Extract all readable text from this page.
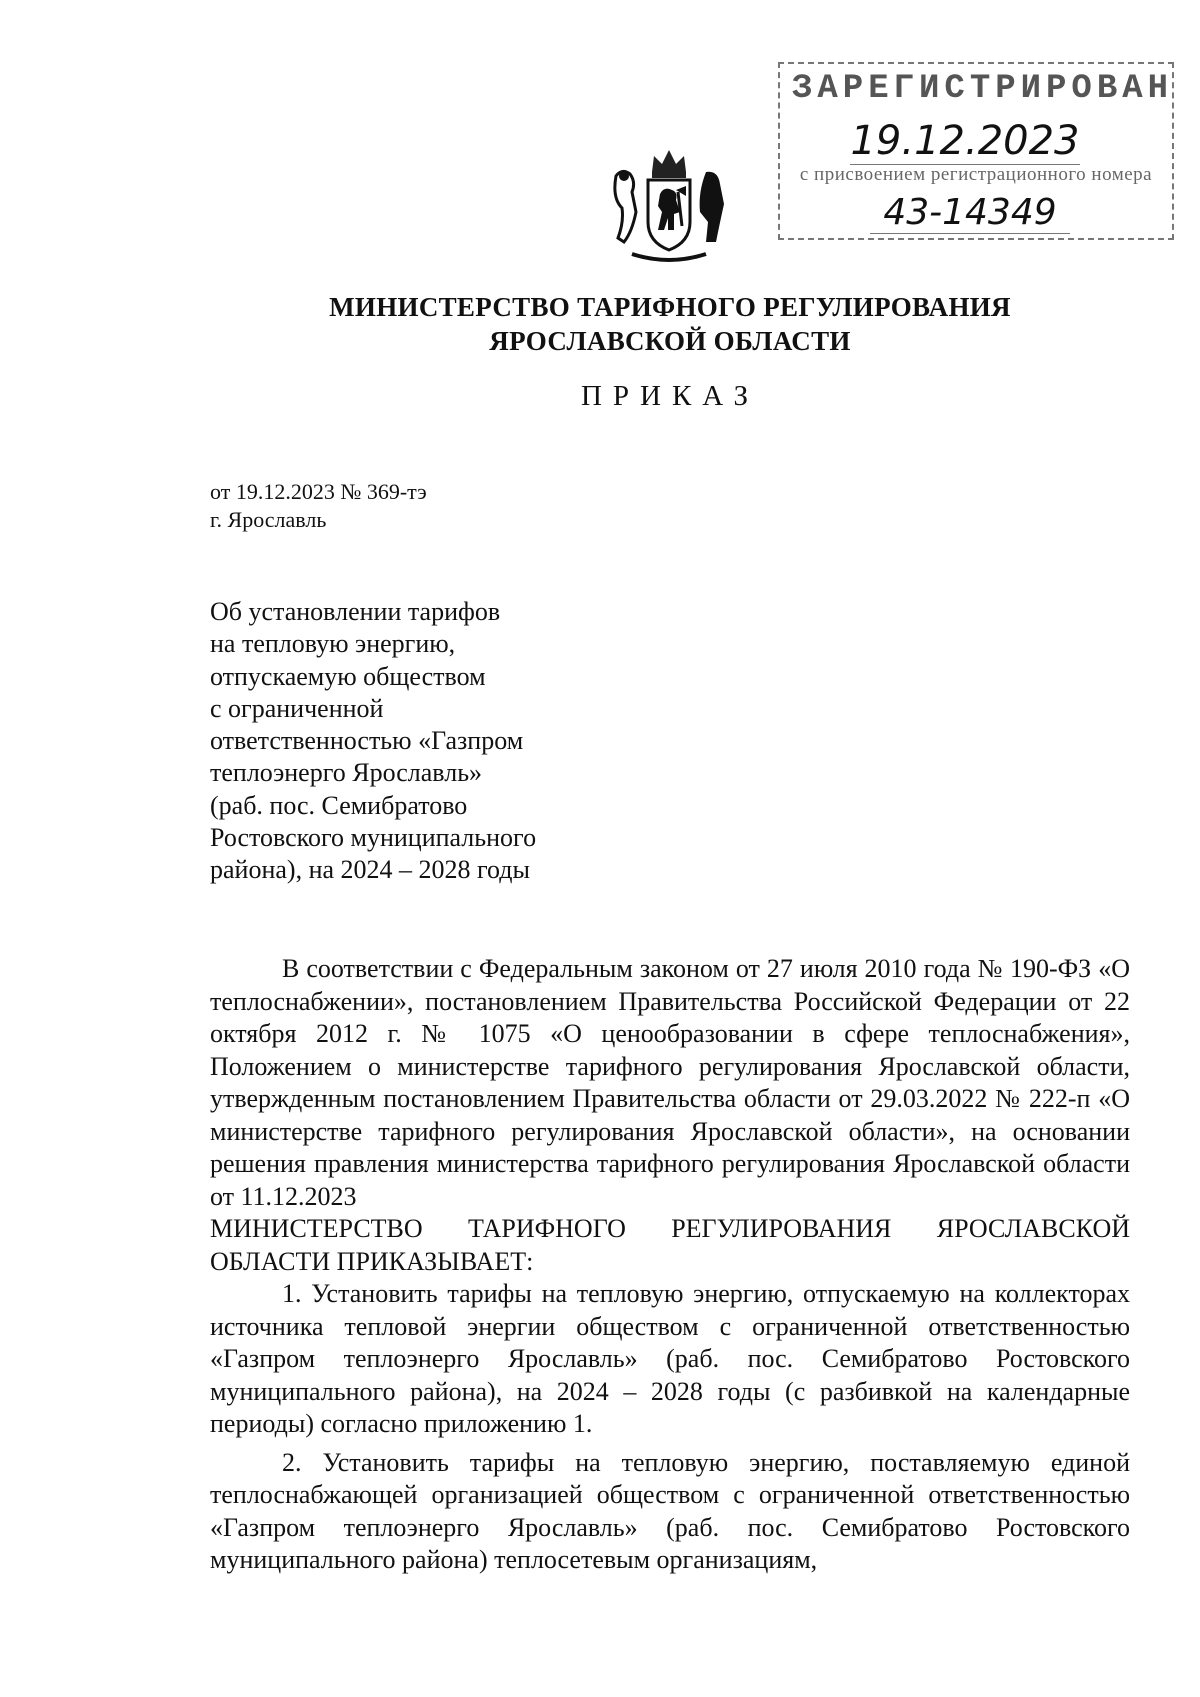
ЗАРЕГИСТРИРОВАН
19.12.2023
с присвоением регистрационного номера
43-14349
МИНИСТЕРСТВО ТАРИФНОГО РЕГУЛИРОВАНИЯ
ЯРОСЛАВСКОЙ ОБЛАСТИ
ПРИКАЗ
от 19.12.2023 № 369-тэ
г. Ярославль
Об установлении тарифов
на тепловую энергию,
отпускаемую обществом
с ограниченной
ответственностью «Газпром
теплоэнерго Ярославль»
(раб. пос. Семибратово
Ростовского муниципального
района), на 2024 – 2028 годы

В соответствии с Федеральным законом от 27 июля 2010 года № 190-ФЗ «О теплоснабжении», постановлением Правительства Российской Федерации от 22 октября 2012 г. № 1075 «О ценообразовании в сфере теплоснабжения», Положением о министерстве тарифного регулирования Ярославской области, утвержденным постановлением Правительства области от 29.03.2022 № 222-п «О министерстве тарифного регулирования Ярославской области», на основании решения правления министерства тарифного регулирования Ярославской области от 11.12.2023

МИНИСТЕРСТВО ТАРИФНОГО РЕГУЛИРОВАНИЯ ЯРОСЛАВСКОЙ ОБЛАСТИ ПРИКАЗЫВАЕТ:

1. Установить тарифы на тепловую энергию, отпускаемую на коллекторах источника тепловой энергии обществом с ограниченной ответственностью «Газпром теплоэнерго Ярославль» (раб. пос. Семибратово Ростовского муниципального района), на 2024 – 2028 годы (с разбивкой на календарные периоды) согласно приложению 1.

2. Установить тарифы на тепловую энергию, поставляемую единой теплоснабжающей организацией обществом с ограниченной ответственностью «Газпром теплоэнерго Ярославль» (раб. пос. Семибратово Ростовского муниципального района) теплосетевым организациям,
